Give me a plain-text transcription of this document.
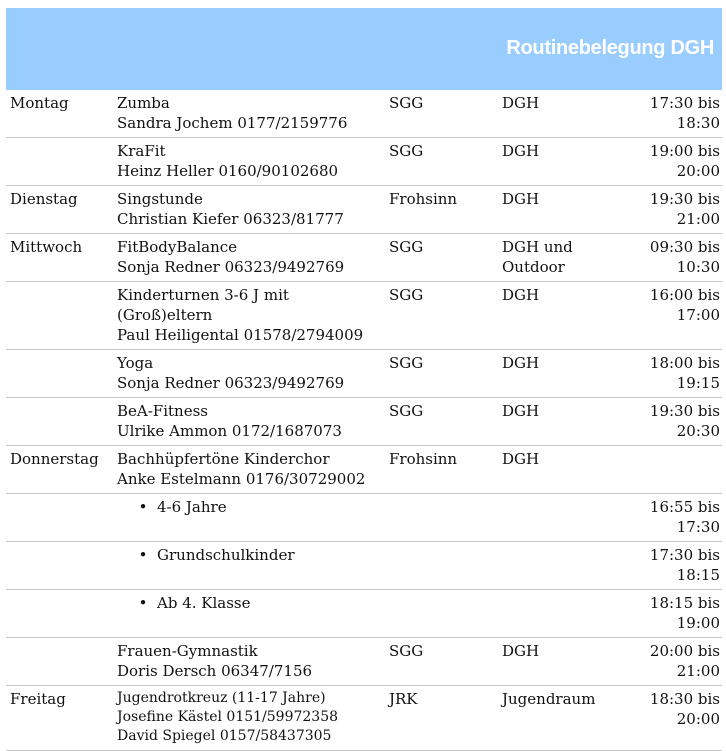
Routinebelegung DGH
Montag	Zumba
Sandra Jochem 0177/2159776	SGG	DGH	17:30 bis 18:30

	KraFit
Heinz Heller 0160/90102680	SGG	DGH	19:00 bis 20:00
Dienstag	Singstunde
Christian Kiefer 06323/81777	Frohsinn	DGH	19:30 bis 21:00
Mittwoch	FitBodyBalance
Sonja Redner 06323/9492769	SGG	DGH und Outdoor	09:30 bis 10:30
	Kinderturnen 3-6 J mit (Groß)eltern
Paul Heiligental 01578/2794009	SGG	DGH	16:00 bis 17:00

	Yoga
Sonja Redner 06323/9492769	SGG	DGH	18:00 bis 19:15

	BeA-Fitness
Ulrike Ammon 0172/1687073	SGG	DGH	19:30 bis 20:30
Donnerstag	Bachhüpfertöne Kinderchor
Anke Estelmann 0176/30729002	Frohsinn	DGH	
	• 4-6 Jahre			16:55 bis 17:30
	• Grundschulkinder			17:30 bis 18:15
	• Ab 4. Klasse			18:15 bis 19:00

	Frauen-Gymnastik
Doris Dersch 06347/7156	SGG	DGH	20:00 bis 21:00
Freitag	Jugendrotkreuz (11-17 Jahre)
Josefine Kästel 0151/59972358
David Spiegel 0157/58437305	JRK	Jugendraum	18:30 bis 20:00
